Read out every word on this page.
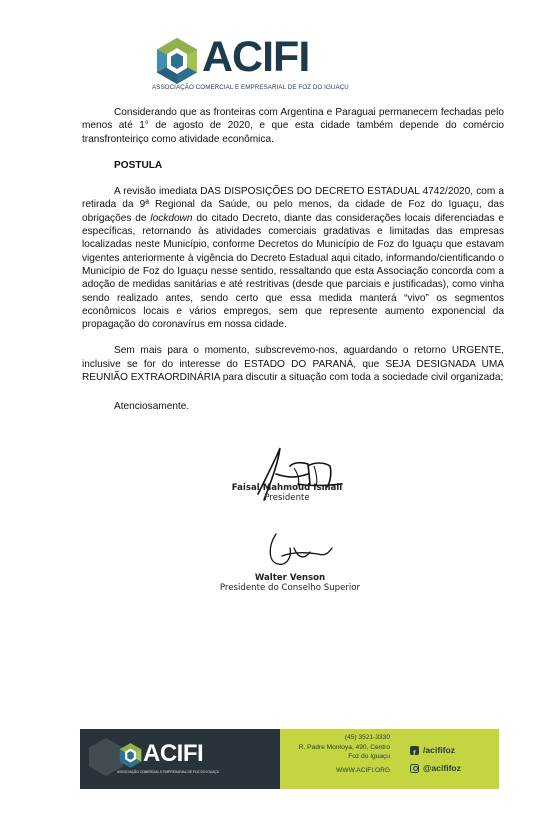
ACIFI
ASSOCIAÇÃO COMERCIAL E EMPRESARIAL DE FOZ DO IGUAÇU

Considerando que as fronteiras com Argentina e Paraguai permanecem fechadas pelo menos até 1° de agosto de 2020, e que esta cidade também depende do comércio transfronteiriço como atividade econômica.

POSTULA

A revisão imediata DAS DISPOSIÇÕES DO DECRETO ESTADUAL 4742/2020, com a retirada da 9ª Regional da Saúde, ou pelo menos, da cidade de Foz do Iguaçu, das obrigações de lockdown do citado Decreto, diante das considerações locais diferenciadas e específicas, retornando às atividades comerciais gradativas e limitadas das empresas localizadas neste Município, conforme Decretos do Município de Foz do Iguaçu que estavam vigentes anteriormente à vigência do Decreto Estadual aqui citado, informando/cientificando o Município de Foz do Iguaçu nesse sentido, ressaltando que esta Associação concorda com a adoção de medidas sanitárias e até restritivas (desde que parciais e justificadas), como vinha sendo realizado antes, sendo certo que essa medida manterá “vivo” os segmentos econômicos locais e vários empregos, sem que represente aumento exponencial da propagação do coronavírus em nossa cidade.

Sem mais para o momento, subscrevemo-nos, aguardando o retorno URGENTE, inclusive se for do interesse do ESTADO DO PARANÁ, que SEJA DESIGNADA UMA REUNIÃO EXTRAORDINÁRIA para discutir a situação com toda a sociedade civil organizada;

Atenciosamente.

Faisal Mahmoud Ismail
Presidente
Walter Venson
Presidente do Conselho Superior
ACIFI
ASSOCIAÇÃO COMERCIAL E EMPRESARIAL DE FOZ DO IGUAÇU
(45) 3521-3330
R. Padre Montoya, 490, Centro
Foz do Iguaçu
WWW.ACIFI.ORG
f
/acififoz
@acififoz
